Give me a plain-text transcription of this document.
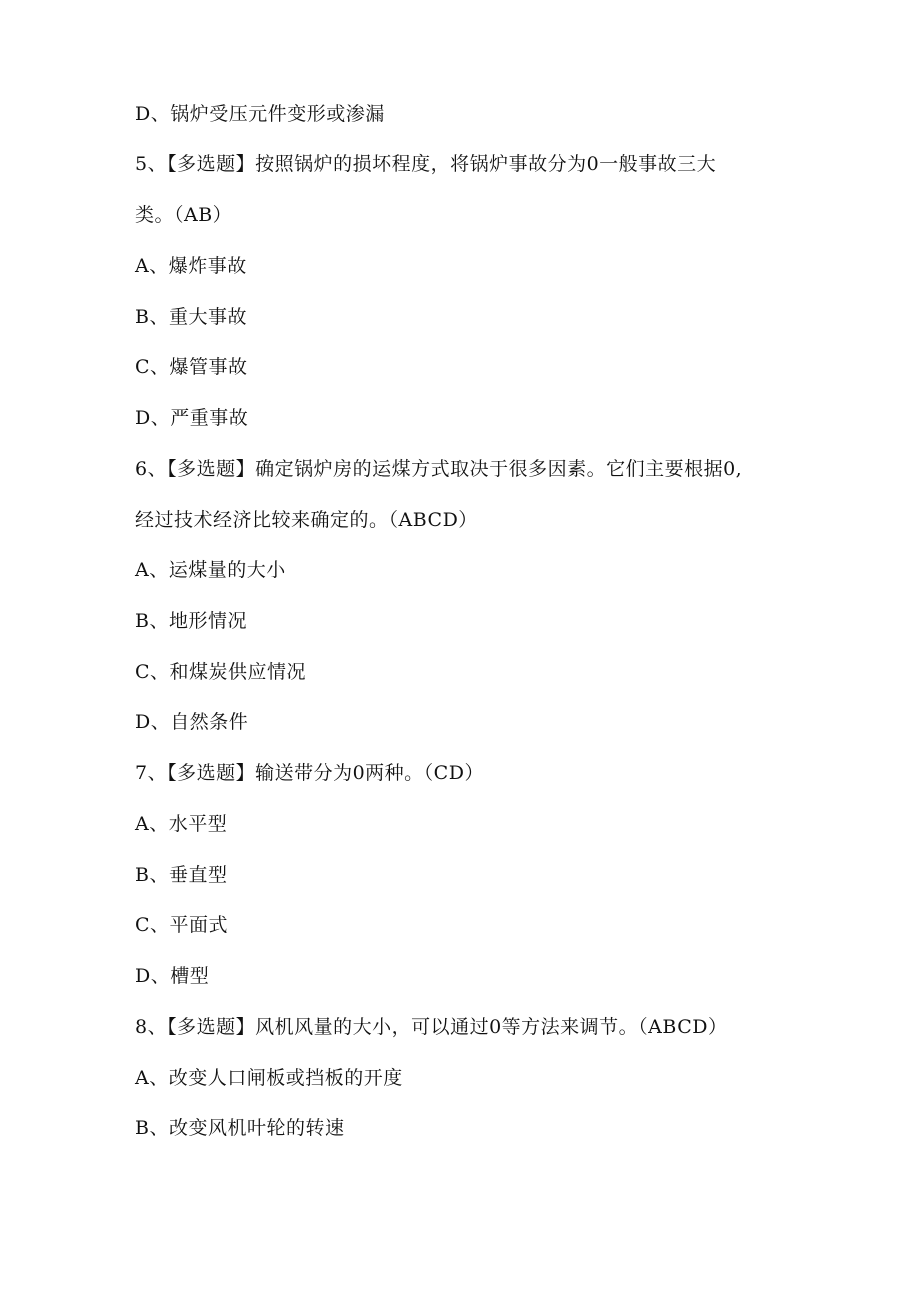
D、锅炉受压元件变形或渗漏
5、【多选题】按照锅炉的损坏程度，将锅炉事故分为0一般事故三大
类。（AB）
A、爆炸事故
B、重大事故
C、爆管事故
D、严重事故
6、【多选题】确定锅炉房的运煤方式取决于很多因素。它们主要根据0,
经过技术经济比较来确定的。（ABCD）
A、运煤量的大小
B、地形情况
C、和煤炭供应情况
D、自然条件
7、【多选题】输送带分为0两种。（CD）
A、水平型
B、垂直型
C、平面式
D、槽型
8、【多选题】风机风量的大小，可以通过0等方法来调节。（ABCD）
A、改变人口闸板或挡板的开度
B、改变风机叶轮的转速
